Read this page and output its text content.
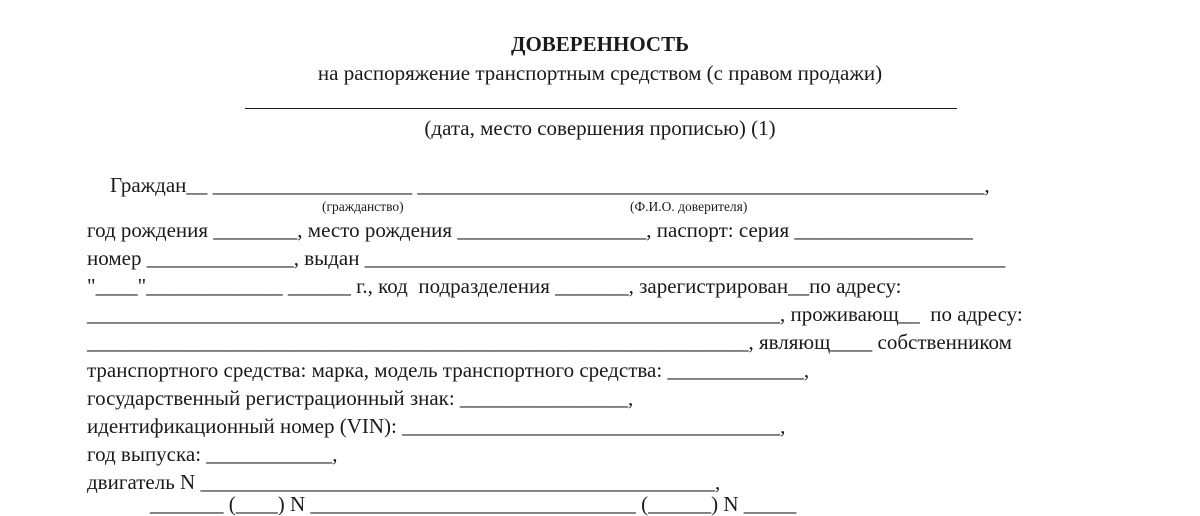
ДОВЕРЕННОСТЬ
на распоряжение транспортным средством (с правом продажи)
(дата, место совершения прописью) (1)
Граждан__ ___________________ ______________________________________________________,
(гражданство)	(Ф.И.О. доверителя)
год рождения ________, место рождения __________________, паспорт: серия _________________
номер ______________, выдан _____________________________________________________________
"____"_____________ ______ г., код  подразделения _______, зарегистрирован__по адресу:
__________________________________________________________________, проживающ__  по адресу:
_______________________________________________________________, являющ____ собственником
транспортного средства: марка, модель транспортного средства: _____________,
государственный регистрационный знак: ________________,
идентификационный номер (VIN): ____________________________________,
год выпуска: ____________,
двигатель N _________________________________________________,
_______ (____) N _______________________________ (______) N _____
